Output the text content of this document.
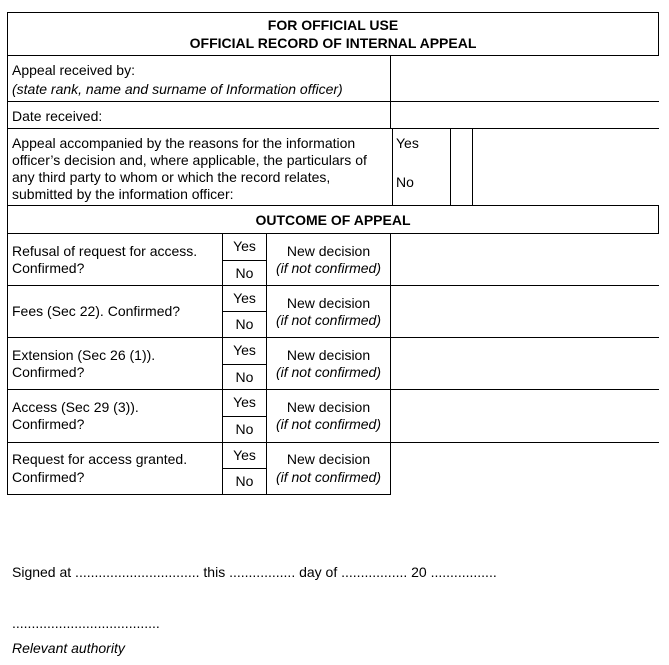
FOR OFFICIAL USE
OFFICIAL RECORD OF INTERNAL APPEAL
Appeal received by:
(state rank, name and surname of Information officer)
Date received:
Appeal accompanied by the reasons for the information
officer’s decision and, where applicable, the particulars of
any third party to whom or which the record relates,
submitted by the information officer:
Yes
No
OUTCOME OF APPEAL
Refusal of request for access.
Confirmed?
Yes
No
New decision
(if not confirmed)
Fees (Sec 22). Confirmed?
Yes
No
New decision
(if not confirmed)
Extension (Sec 26 (1)).
Confirmed?
Yes
No
New decision
(if not confirmed)
Access (Sec 29 (3)).
Confirmed?
Yes
No
New decision
(if not confirmed)
Request for access granted.
Confirmed?
Yes
No
New decision
(if not confirmed)
Signed at ................................ this ................. day of ................. 20 .................
......................................
Relevant authority
